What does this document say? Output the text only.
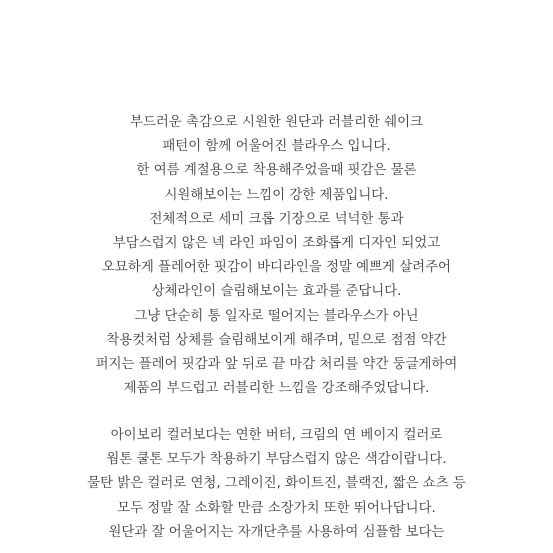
부드러운 촉감으로 시원한 원단과 러블리한 쉐이크
패턴이 함께 어울어진 블라우스 입니다.
한 여름 계절용으로 착용해주었을때 핏감은 물론
시원해보이는 느낌이 강한 제품입니다.
전체적으로 세미 크롭 기장으로 넉넉한 통과
부담스럽지 않은 넥 라인 파임이 조화롭게 디자인 되었고
오묘하게 플레어한 핏감이 바디라인을 정말 예쁘게 살려주어
상체라인이 슬림해보이는 효과를 준답니다.
그냥 단순히 통 일자로 떨어지는 블라우스가 아닌
착용컷처럼 상체를 슬림해보이게 해주며, 밑으로 점점 약간
퍼지는 플레어 핏감과 앞 뒤로 끝 마감 처리를 약간 둥글게하여
제품의 부드럽고 러블리한 느낌을 강조해주었답니다.
아이보리 컬러보다는 연한 버터, 크림의 연 베이지 컬러로
웜톤 쿨톤 모두가 착용하기 부담스럽지 않은 색감이랍니다.
물탄 밝은 컬러로 연청, 그레이진, 화이트진, 블랙진, 짧은 쇼츠 등
모두 정말 잘 소화할 만큼 소장가치 또한 뛰어나답니다.
원단과 잘 어울어지는 자개단추를 사용하여 심플함 보다는
